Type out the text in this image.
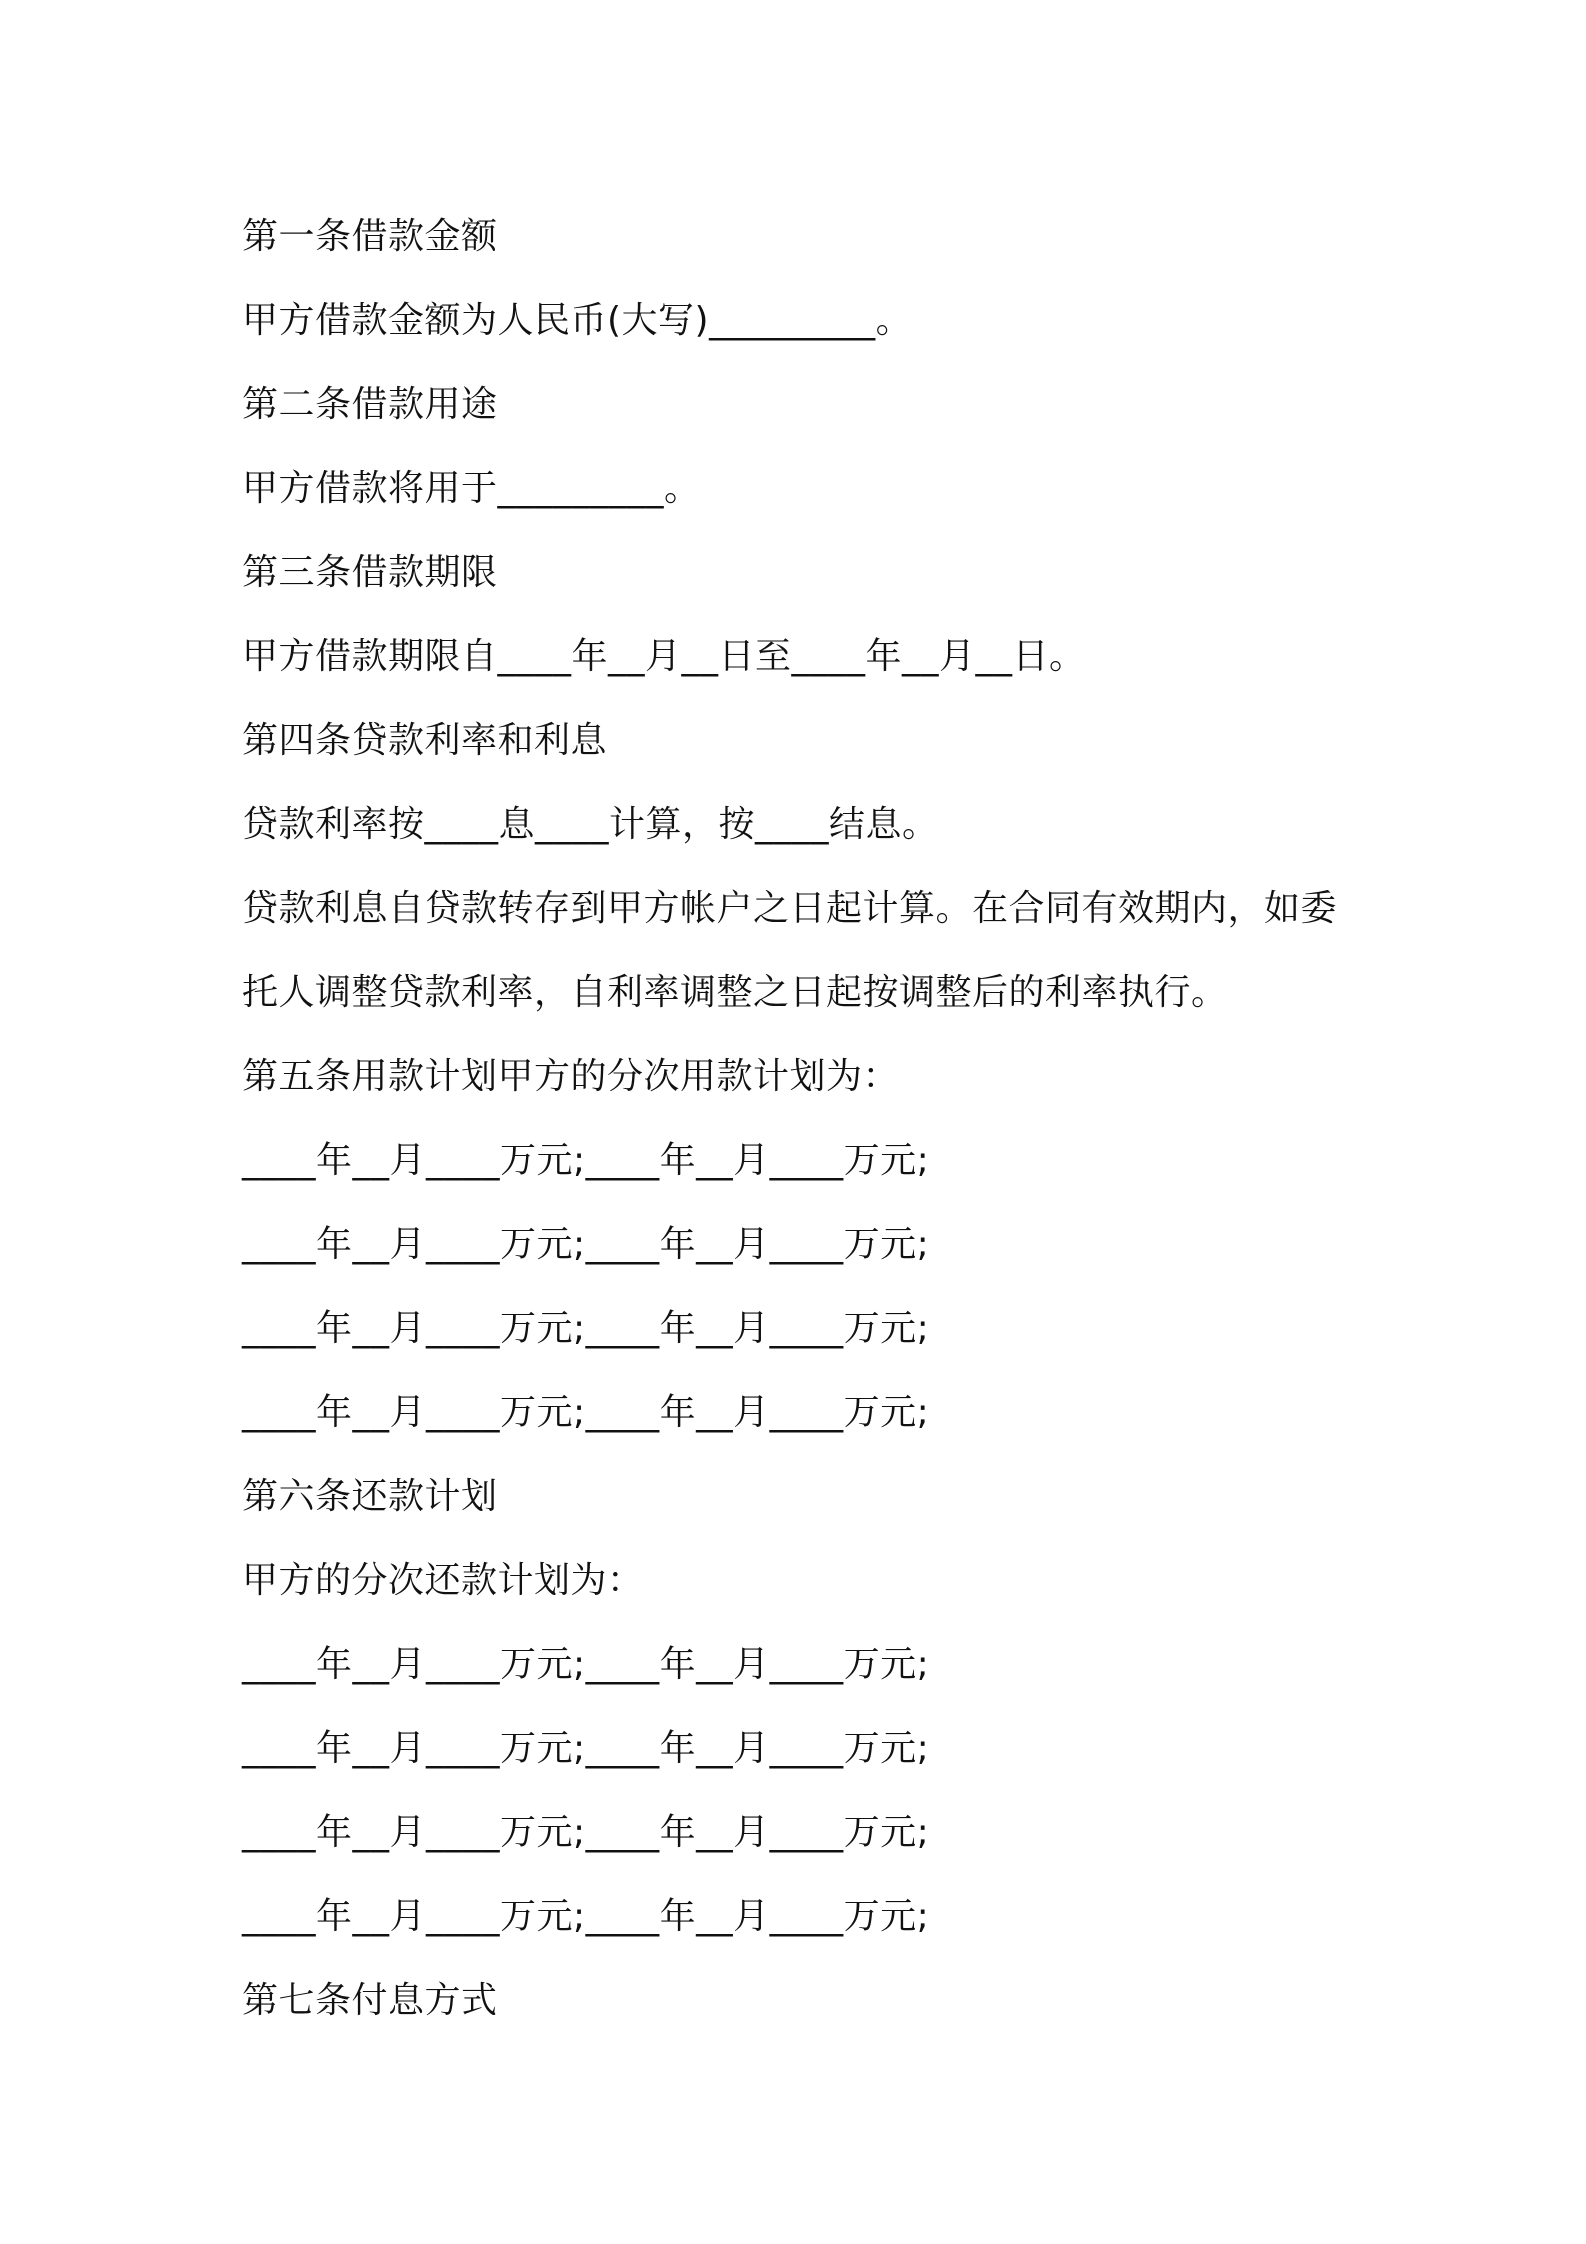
第一条借款金额
甲方借款金额为人民币(大写)_________。
第二条借款用途
甲方借款将用于_________。
第三条借款期限
甲方借款期限自____年__月__日至____年__月__日。
第四条贷款利率和利息
贷款利率按____息____计算，按____结息。
贷款利息自贷款转存到甲方帐户之日起计算。在合同有效期内，如委
托人调整贷款利率，自利率调整之日起按调整后的利率执行。
第五条用款计划甲方的分次用款计划为：
____年__月____万元;____年__月____万元;
____年__月____万元;____年__月____万元;
____年__月____万元;____年__月____万元;
____年__月____万元;____年__月____万元;
第六条还款计划
甲方的分次还款计划为：
____年__月____万元;____年__月____万元;
____年__月____万元;____年__月____万元;
____年__月____万元;____年__月____万元;
____年__月____万元;____年__月____万元;
第七条付息方式
